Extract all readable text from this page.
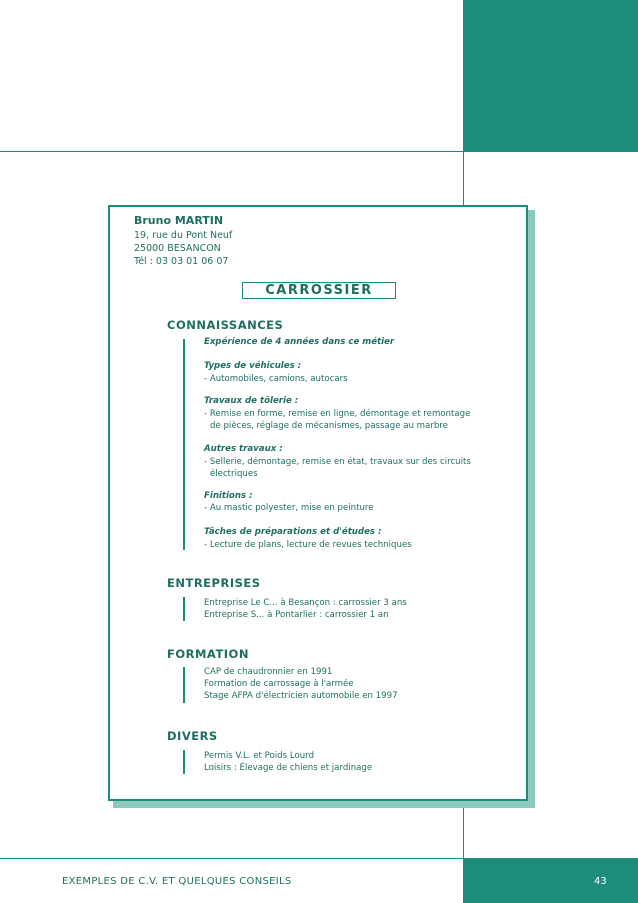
Bruno MARTIN
19, rue du Pont Neuf
25000 BESANCON
Tél : 03 03 01 06 07
CARROSSIER
CONNAISSANCES
Expérience de 4 années dans ce métier
Types de véhicules :
- Automobiles, camions, autocars
Travaux de tôlerie :
- Remise en forme, remise en ligne, démontage et remontage
de pièces, réglage de mécanismes, passage au marbre
Autres travaux :
- Sellerie, démontage, remise en état, travaux sur des circuits
électriques
Finitions :
- Au mastic polyester, mise en peinture
Tâches de préparations et d'études :
- Lecture de plans, lecture de revues techniques
ENTREPRISES
Entreprise Le C... à Besançon : carrossier 3 ans
Entreprise S... à Pontarlier : carrossier 1 an
FORMATION
CAP de chaudronnier en 1991
Formation de carrossage à l'armée
Stage AFPA d'électricien automobile en 1997
DIVERS
Permis V.L. et Poids Lourd
Loisirs : Élevage de chiens et jardinage
EXEMPLES DE C.V. ET QUELQUES CONSEILS	43
